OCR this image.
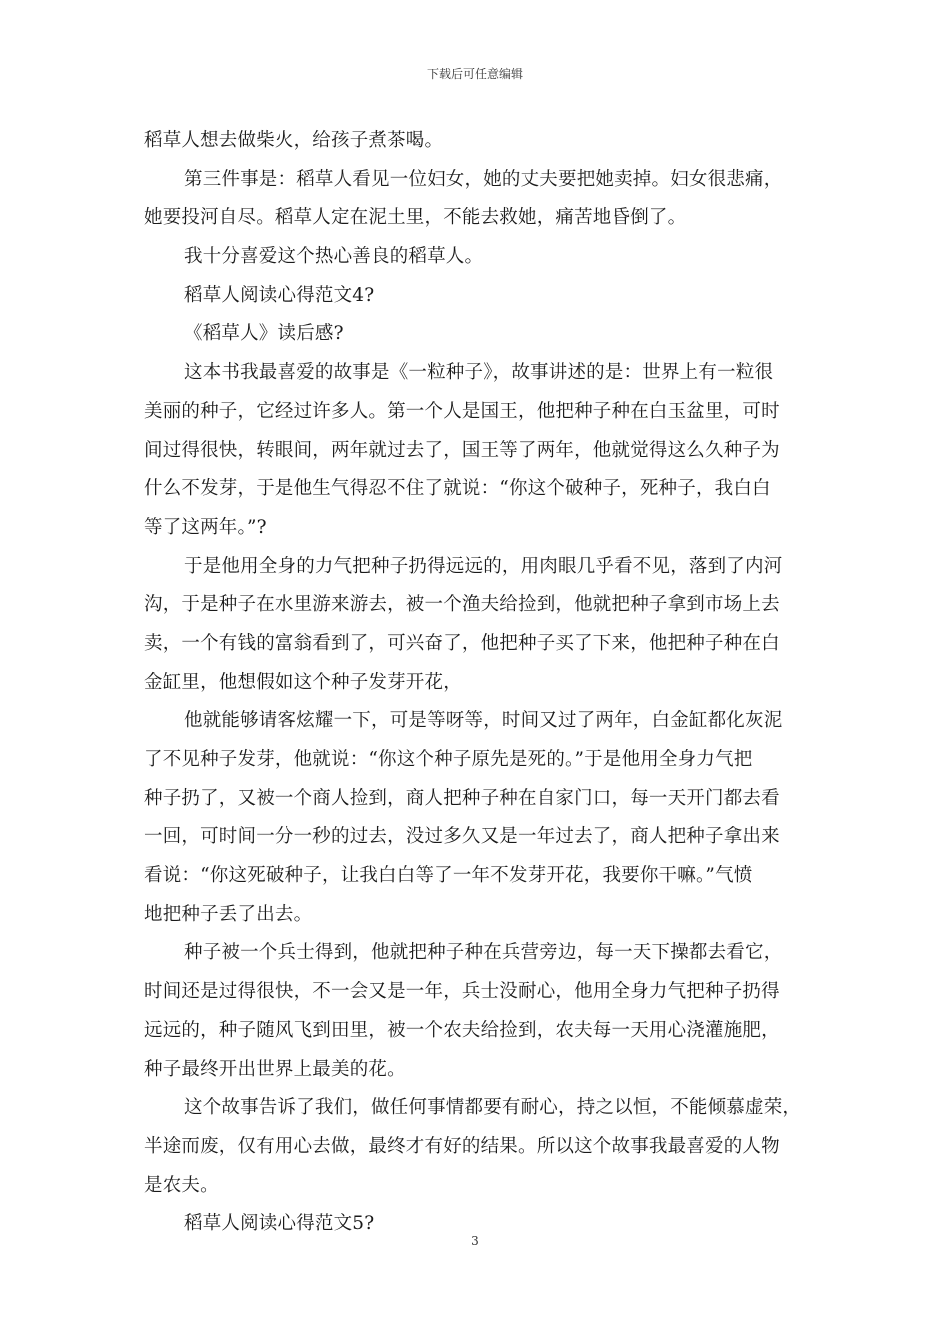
下载后可任意编辑
稻草人想去做柴火，给孩子煮茶喝。
第三件事是：稻草人看见一位妇女，她的丈夫要把她卖掉。妇女很悲痛，
她要投河自尽。稻草人定在泥土里，不能去救她，痛苦地昏倒了。
我十分喜爱这个热心善良的稻草人。
稻草人阅读心得范文4?
《稻草人》读后感?
这本书我最喜爱的故事是《一粒种子》，故事讲述的是：世界上有一粒很
美丽的种子，它经过许多人。第一个人是国王，他把种子种在白玉盆里，可时
间过得很快，转眼间，两年就过去了，国王等了两年，他就觉得这么久种子为
什么不发芽，于是他生气得忍不住了就说：“你这个破种子，死种子，我白白
等了这两年。”?
于是他用全身的力气把种子扔得远远的，用肉眼几乎看不见，落到了内河
沟，于是种子在水里游来游去，被一个渔夫给捡到，他就把种子拿到市场上去
卖，一个有钱的富翁看到了，可兴奋了，他把种子买了下来，他把种子种在白
金缸里，他想假如这个种子发芽开花，
他就能够请客炫耀一下，可是等呀等，时间又过了两年，白金缸都化灰泥
了不见种子发芽，他就说：“你这个种子原先是死的。”于是他用全身力气把
种子扔了，又被一个商人捡到，商人把种子种在自家门口，每一天开门都去看
一回，可时间一分一秒的过去，没过多久又是一年过去了，商人把种子拿出来
看说：“你这死破种子，让我白白等了一年不发芽开花，我要你干嘛。”气愤
地把种子丢了出去。
种子被一个兵士得到，他就把种子种在兵营旁边，每一天下操都去看它，
时间还是过得很快，不一会又是一年，兵士没耐心，他用全身力气把种子扔得
远远的，种子随风飞到田里，被一个农夫给捡到，农夫每一天用心浇灌施肥，
种子最终开出世界上最美的花。
这个故事告诉了我们，做任何事情都要有耐心，持之以恒，不能倾慕虚荣，
半途而废，仅有用心去做，最终才有好的结果。所以这个故事我最喜爱的人物
是农夫。
稻草人阅读心得范文5?
3
